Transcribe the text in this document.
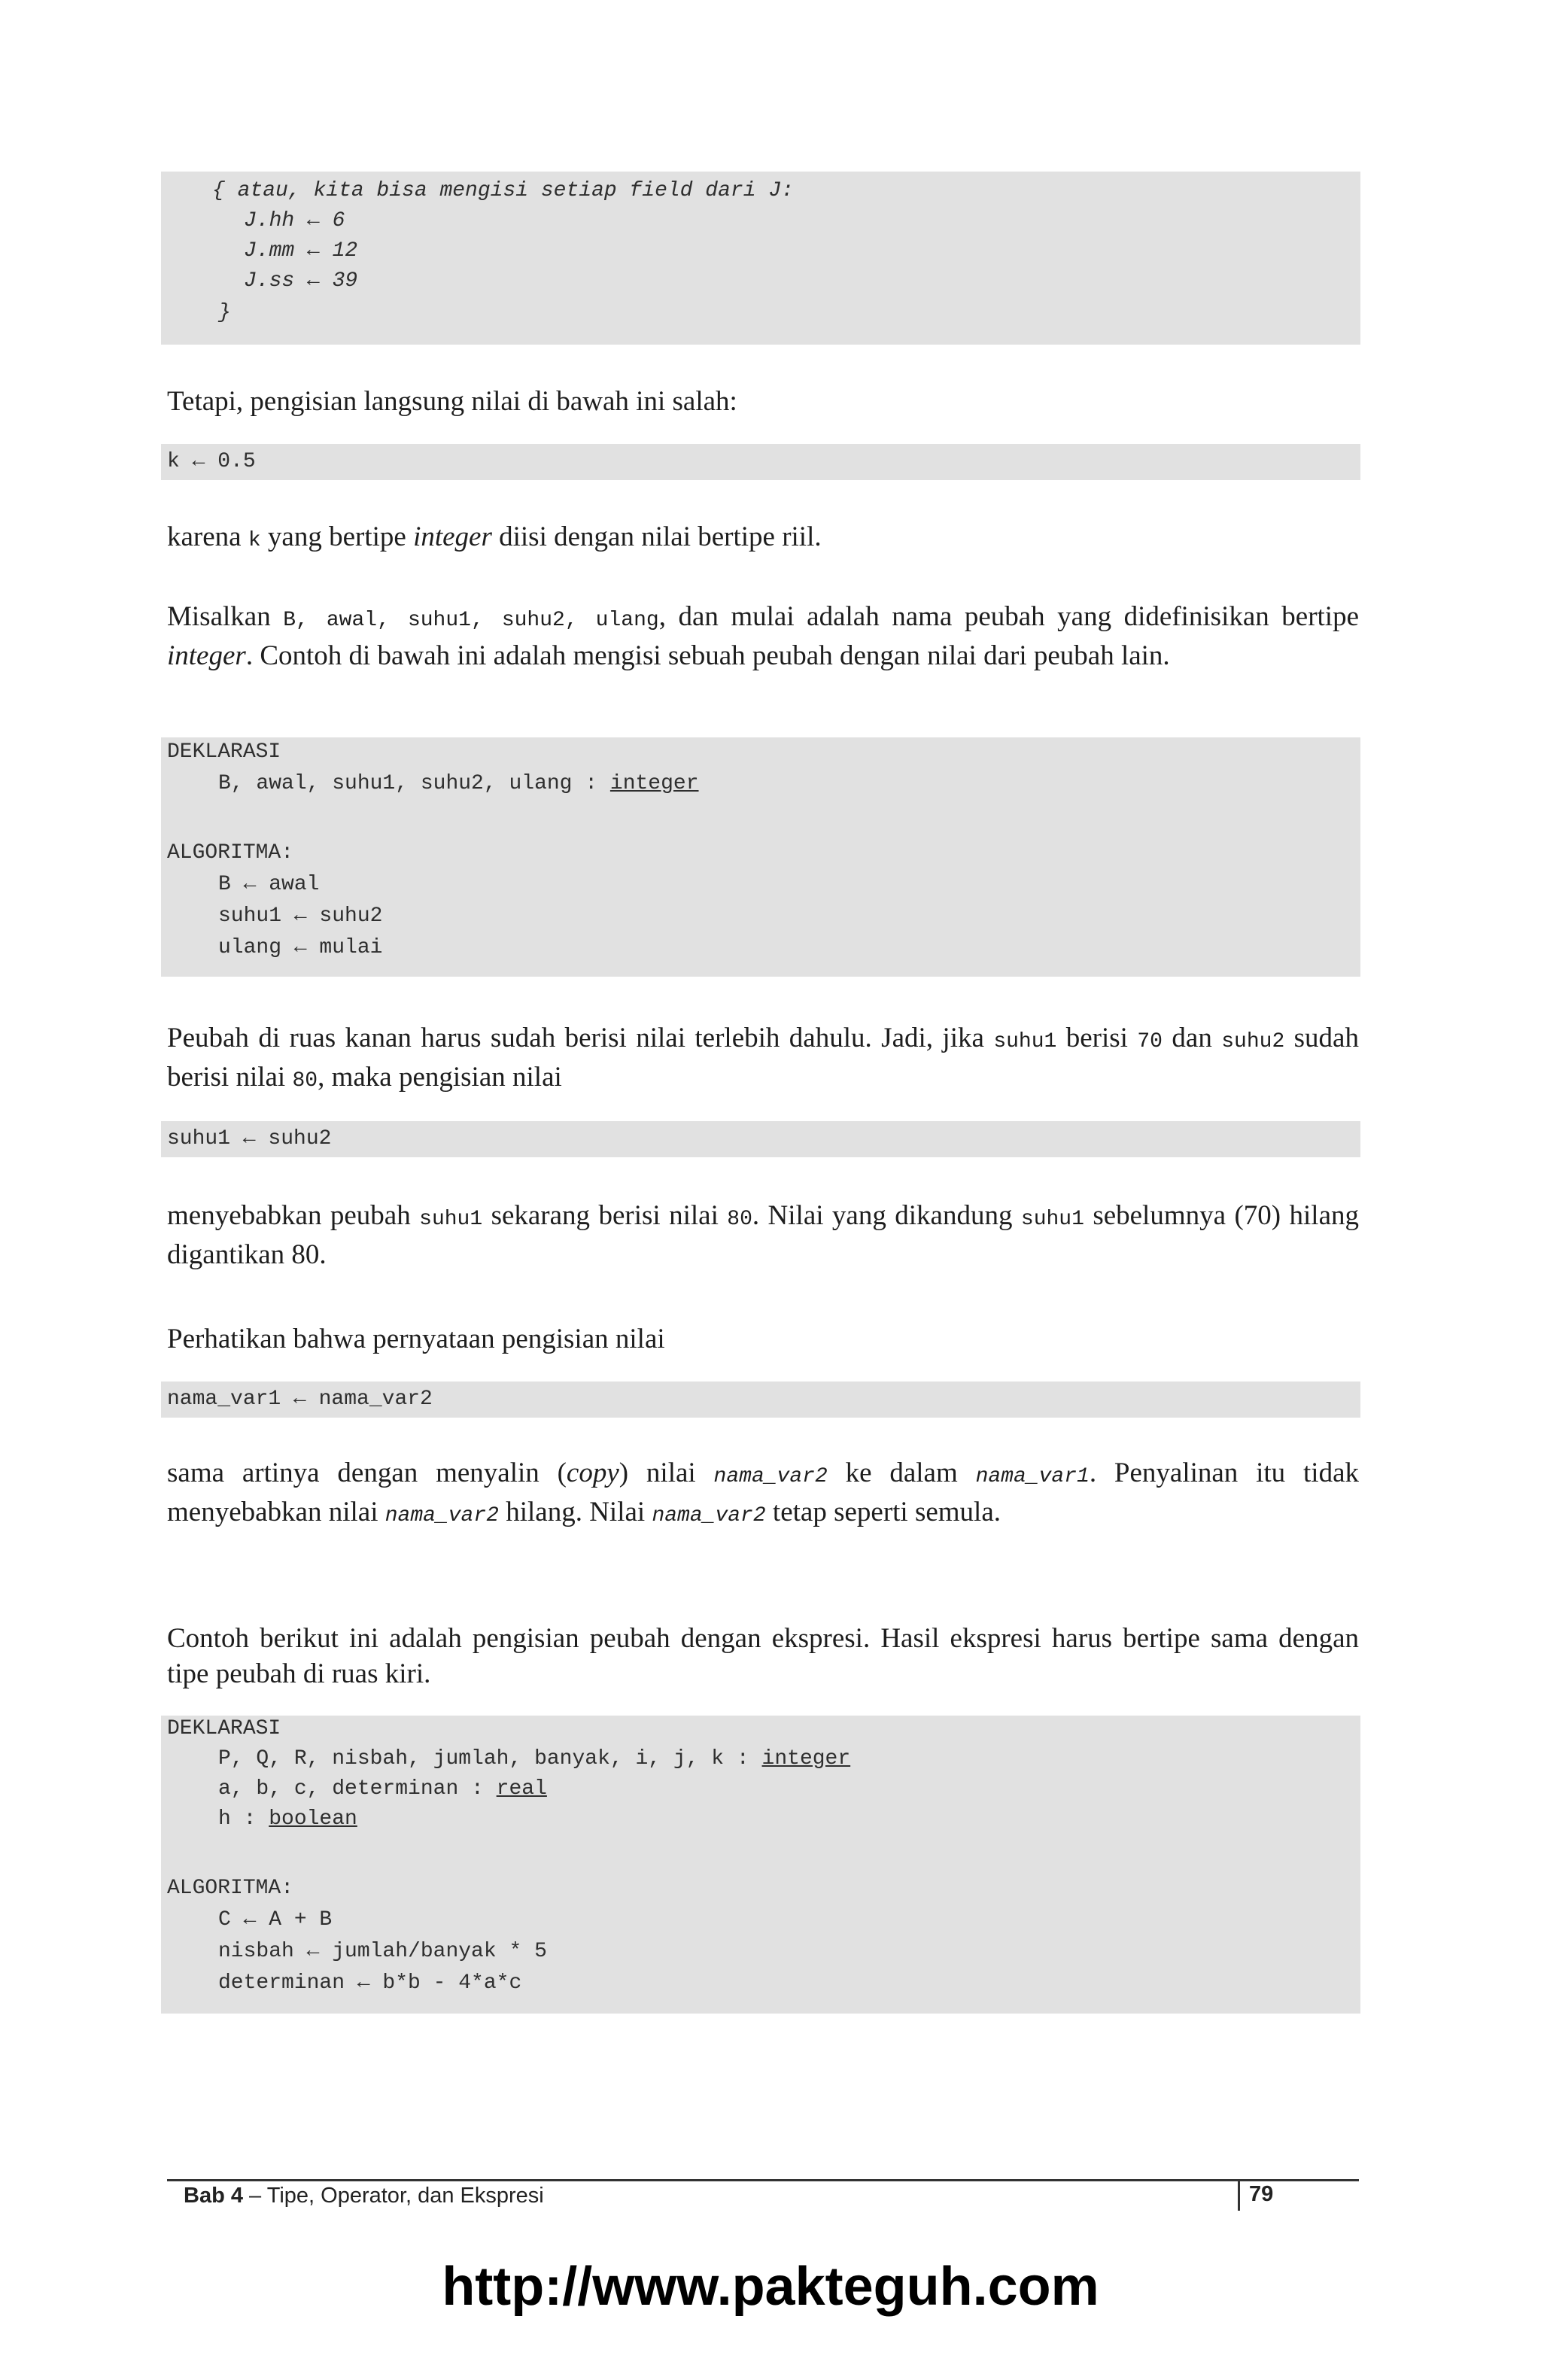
{ atau, kita bisa mengisi setiap field dari J:
J.hh ← 6
J.mm ← 12
J.ss ← 39
}

Tetapi, pengisian langsung nilai di bawah ini salah:

k ← 0.5

karena k yang bertipe integer diisi dengan nilai bertipe riil.

Misalkan B, awal, suhu1, suhu2, ulang, dan mulai adalah nama peubah yang didefinisikan bertipe integer. Contoh di bawah ini adalah mengisi sebuah peubah dengan nilai dari peubah lain.

DEKLARASI
B, awal, suhu1, suhu2, ulang : integer
ALGORITMA:
B ← awal
suhu1 ← suhu2
ulang ← mulai

Peubah di ruas kanan harus sudah berisi nilai terlebih dahulu. Jadi, jika suhu1 berisi 70 dan suhu2 sudah berisi nilai 80, maka pengisian nilai

suhu1 ← suhu2

menyebabkan peubah suhu1 sekarang berisi nilai 80. Nilai yang dikandung suhu1 sebelumnya (70) hilang digantikan 80.

Perhatikan bahwa pernyataan pengisian nilai

nama_var1 ← nama_var2

sama artinya dengan menyalin (copy) nilai nama_var2 ke dalam nama_var1. Penyalinan itu tidak menyebabkan nilai nama_var2 hilang. Nilai nama_var2 tetap seperti semula.

Contoh berikut ini adalah pengisian peubah dengan ekspresi. Hasil ekspresi harus bertipe sama dengan tipe peubah di ruas kiri.

DEKLARASI
P, Q, R, nisbah, jumlah, banyak, i, j, k : integer
a, b, c, determinan : real
h : boolean
ALGORITMA:
C ← A + B
nisbah ← jumlah/banyak * 5
determinan ← b*b - 4*a*c
Bab 4 – Tipe, Operator, dan Ekspresi	79
http://www.pakteguh.com
